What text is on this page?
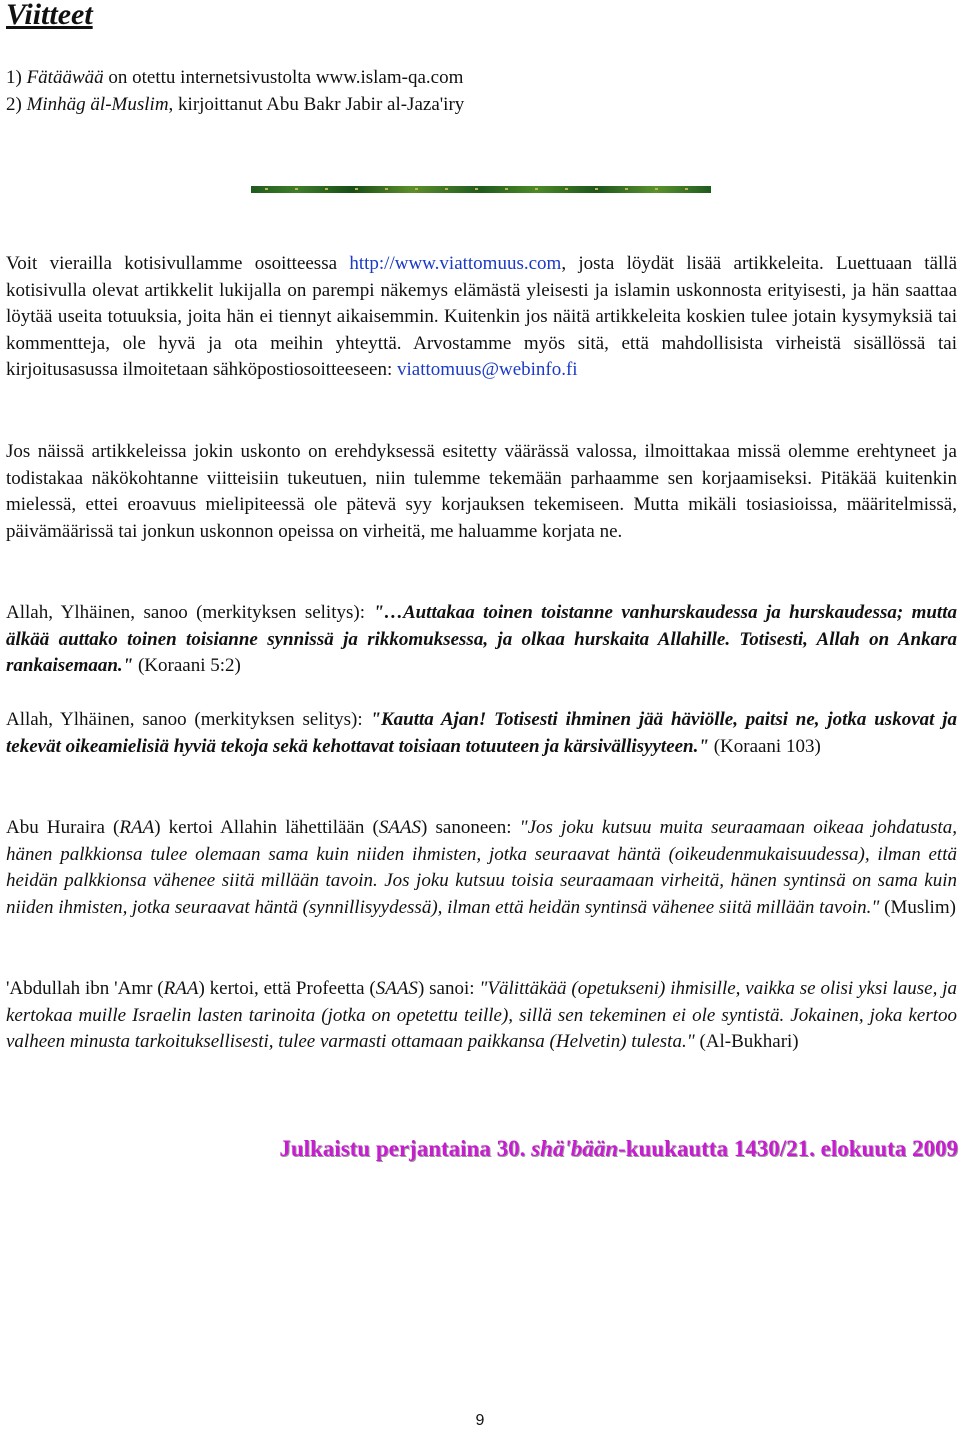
Viitteet
1) Fätääwää on otettu internetsivustolta www.islam-qa.com
2) Minhäg äl-Muslim, kirjoittanut Abu Bakr Jabir al-Jaza'iry

Voit vierailla kotisivullamme osoitteessa http://www.viattomuus.com, josta löydät lisää artikkeleita. Luettuaan tällä kotisivulla olevat artikkelit lukijalla on parempi näkemys elämästä yleisesti ja islamin uskonnosta erityisesti, ja hän saattaa löytää useita totuuksia, joita hän ei tiennyt aikaisemmin. Kuitenkin jos näitä artikkeleita koskien tulee jotain kysymyksiä tai kommentteja, ole hyvä ja ota meihin yhteyttä. Arvostamme myös sitä, että mahdollisista virheistä sisällössä tai kirjoitusasussa ilmoitetaan sähköpostiosoitteeseen: viattomuus@webinfo.fi

Jos näissä artikkeleissa jokin uskonto on erehdyksessä esitetty väärässä valossa, ilmoittakaa missä olemme erehtyneet ja todistakaa näkökohtanne viitteisiin tukeutuen, niin tulemme tekemään parhaamme sen korjaamiseksi. Pitäkää kuitenkin mielessä, ettei eroavuus mielipiteessä ole pätevä syy korjauksen tekemiseen. Mutta mikäli tosiasioissa, määritelmissä, päivämäärissä tai jonkun uskonnon opeissa on virheitä, me haluamme korjata ne.

Allah, Ylhäinen, sanoo (merkityksen selitys): "…Auttakaa toinen toistanne vanhurskaudessa ja hurskaudessa; mutta älkää auttako toinen toisianne synnissä ja rikkomuksessa, ja olkaa hurskaita Allahille. Totisesti, Allah on Ankara rankaisemaan." (Koraani 5:2)

Allah, Ylhäinen, sanoo (merkityksen selitys): "Kautta Ajan! Totisesti ihminen jää häviölle, paitsi ne, jotka uskovat ja tekevät oikeamielisiä hyviä tekoja sekä kehottavat toisiaan totuuteen ja kärsivällisyyteen." (Koraani 103)

Abu Huraira (RAA) kertoi Allahin lähettilään (SAAS) sanoneen: "Jos joku kutsuu muita seuraamaan oikeaa johdatusta, hänen palkkionsa tulee olemaan sama kuin niiden ihmisten, jotka seuraavat häntä (oikeudenmukaisuudessa), ilman että heidän palkkionsa vähenee siitä millään tavoin. Jos joku kutsuu toisia seuraamaan virheitä, hänen syntinsä on sama kuin niiden ihmisten, jotka seuraavat häntä (synnillisyydessä), ilman että heidän syntinsä vähenee siitä millään tavoin." (Muslim)

'Abdullah ibn 'Amr (RAA) kertoi, että Profeetta (SAAS) sanoi: "Välittäkää (opetukseni) ihmisille, vaikka se olisi yksi lause, ja kertokaa muille Israelin lasten tarinoita (jotka on opetettu teille), sillä sen tekeminen ei ole syntistä. Jokainen, joka kertoo valheen minusta tarkoituksellisesti, tulee varmasti ottamaan paikkansa (Helvetin) tulesta." (Al-Bukhari)

Julkaistu perjantaina 30. shä'bään-kuukautta 1430/21. elokuuta 2009
9
